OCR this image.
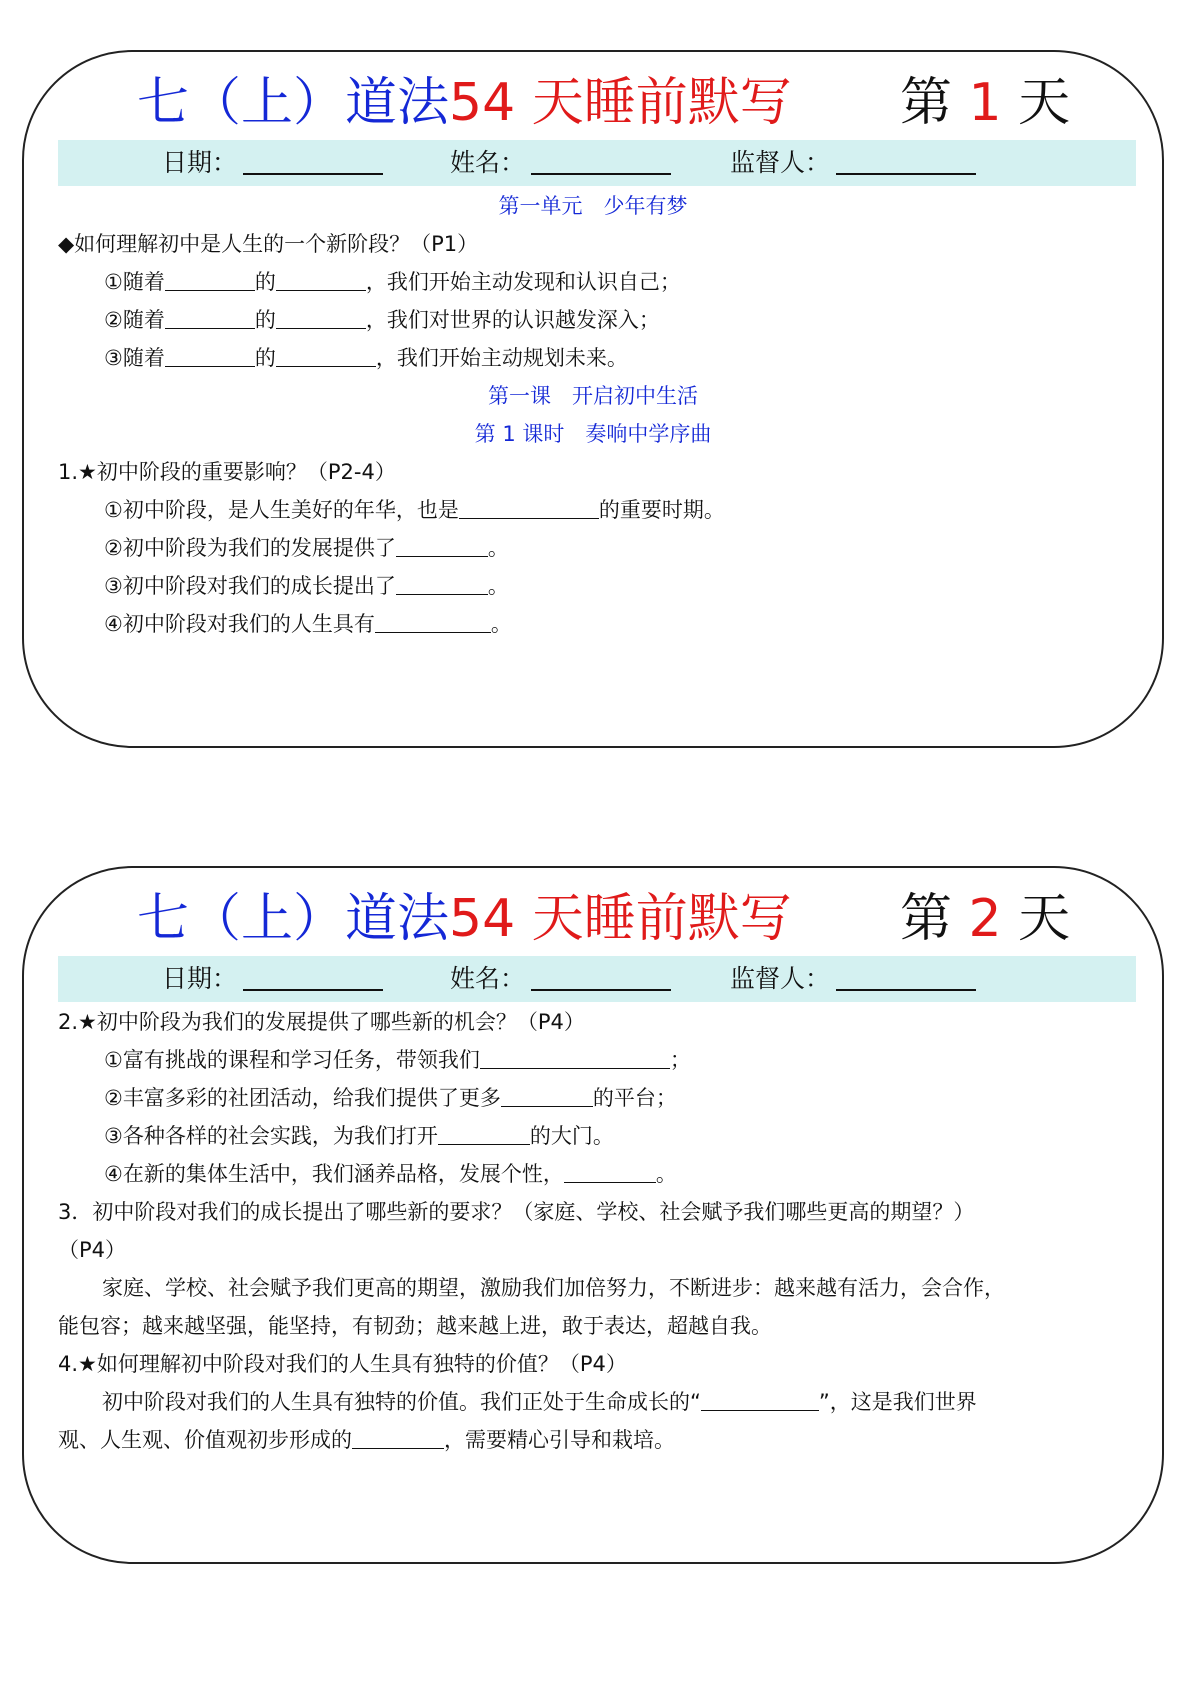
七（上）道法54 天睡前默写 第 1 天
日期：	姓名：	监督人：
第一单元　少年有梦
◆如何理解初中是人生的一个新阶段？（P1）
①随着	的	，我们开始主动发现和认识自己；
②随着	的	，我们对世界的认识越发深入；
③随着	的	，我们开始主动规划未来。
第一课　开启初中生活
第 1 课时　奏响中学序曲
1.★初中阶段的重要影响？（P2-4）
①初中阶段，是人生美好的年华，也是	的重要时期。
②初中阶段为我们的发展提供了	。
③初中阶段对我们的成长提出了	。
④初中阶段对我们的人生具有	。
七（上）道法54 天睡前默写 第 2 天
日期：	姓名：	监督人：
2.★初中阶段为我们的发展提供了哪些新的机会？（P4）
①富有挑战的课程和学习任务，带领我们	；
②丰富多彩的社团活动，给我们提供了更多	的平台；
③各种各样的社会实践，为我们打开	的大门。
④在新的集体生活中，我们涵养品格，发展个性，	。
3．初中阶段对我们的成长提出了哪些新的要求？（家庭、学校、社会赋予我们哪些更高的期望？）
（P4）
家庭、学校、社会赋予我们更高的期望，激励我们加倍努力，不断进步：越来越有活力，会合作，
能包容；越来越坚强，能坚持，有韧劲；越来越上进，敢于表达，超越自我。
4.★如何理解初中阶段对我们的人生具有独特的价值？（P4）
初中阶段对我们的人生具有独特的价值。我们正处于生命成长的“	”，这是我们世界
观、人生观、价值观初步形成的	，需要精心引导和栽培。
